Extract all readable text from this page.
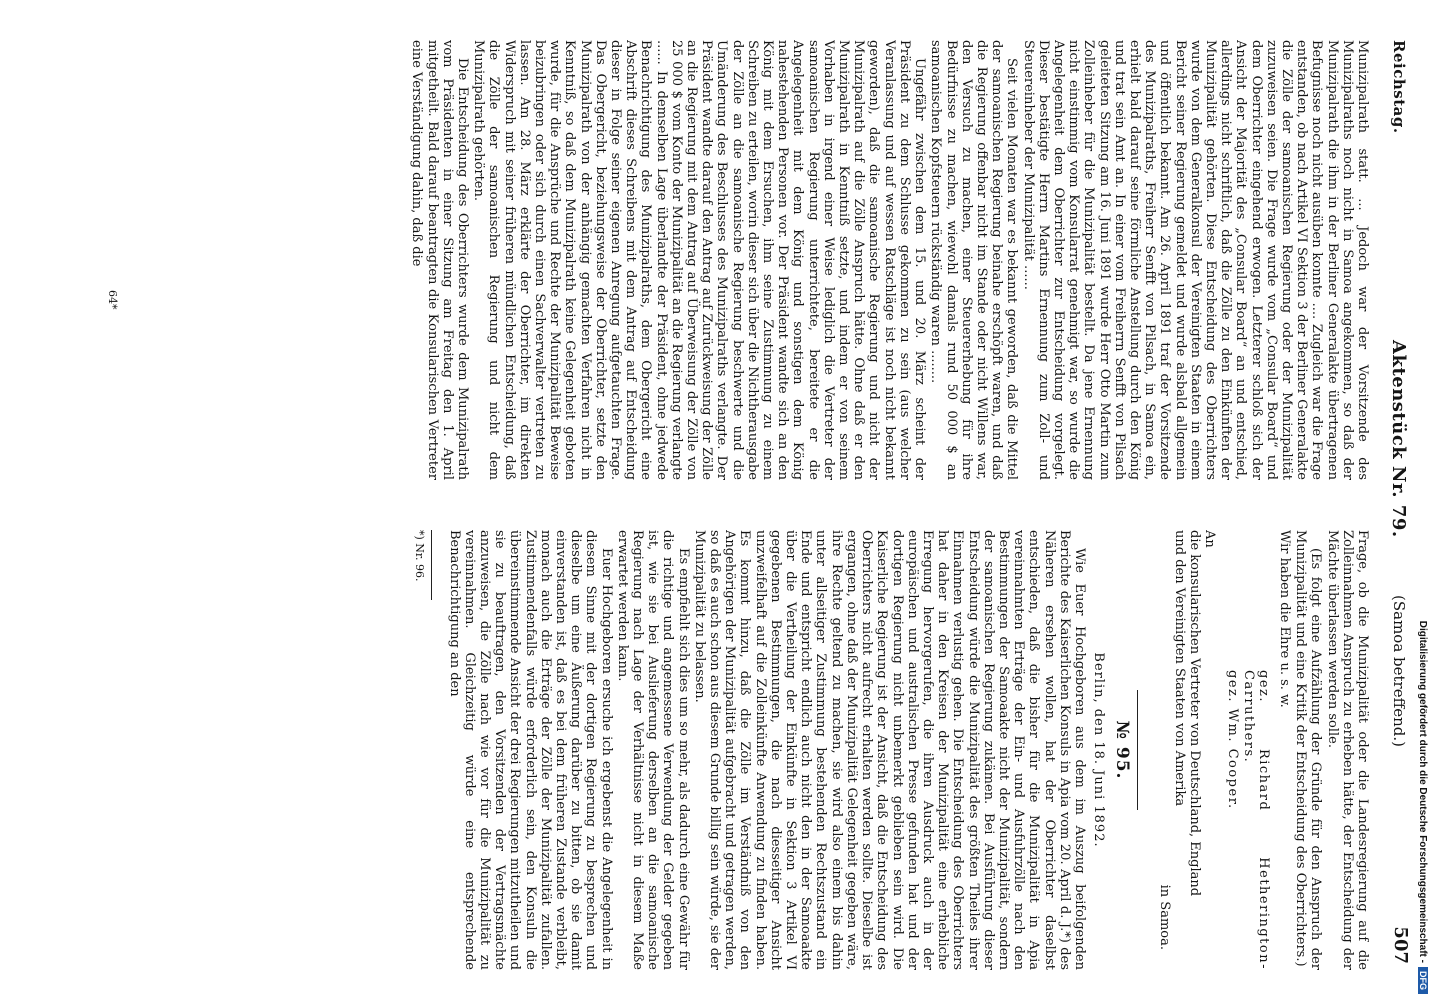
Reichstag.
Aktenstück Nr. 79.
(Samoa betreffend.)
507

Munizipalrath statt. ... Jedoch war der Vorsitzende des Munizipalraths noch nicht in Samoa angekommen, so daß der Munizipalrath die ihm in der Berliner Generalakte übertragenen Befugnisse noch nicht ausüben konnte .... Zugleich war die Frage entstanden, ob nach Artikel VI Sektion 3 der Berliner Generalakte die Zölle der samoanischen Regierung oder der Munizipalität zuzuweisen seien. Die Frage wurde vom „Consular Board“ und dem Oberrichter eingehend erwogen. Letzterer schloß sich der Ansicht der Majorität des „Consular Board“ an und entschied, allerdings nicht schriftlich, daß die Zölle zu den Einkünften der Munizipalität gehörten. Diese Entscheidung des Oberrichters wurde von dem Generalkonsul der Vereinigten Staaten in einem Bericht seiner Regierung gemeldet und wurde alsbald allgemein und öffentlich bekannt. Am 26. April 1891 traf der Vorsitzende des Munizipalraths, Freiherr Senfft von Pilsach, in Samoa ein, erhielt bald darauf seine förmliche Anstellung durch den König und trat sein Amt an. In einer vom Freiherrn Senfft von Pilsach geleiteten Sitzung am 16. Juni 1891 wurde Herr Otto Martin zum Zolleinheber für die Munizipalität bestellt. Da jene Ernennung nicht einstimmig vom Konsularrat genehmigt war, so wurde die Angelegenheit dem Oberrichter zur Entscheidung vorgelegt. Dieser bestätigte Herrn Martins Ernennung zum Zoll- und Steuereinheber der Munizipalität ......

Seit vielen Monaten war es bekannt geworden, daß die Mittel der samoanischen Regierung beinahe erschöpft waren, und daß die Regierung offenbar nicht im Stande oder nicht Willens war, den Versuch zu machen, einer Steuererhebung für ihre Bedürfnisse zu machen, wiewohl damals rund 50 000 $ an samoanischen Kopfsteuern rückständig waren ........

Ungefähr zwischen dem 15. und 20. März scheint der Präsident zu dem Schlusse gekommen zu sein (aus welcher Veranlassung und auf wessen Ratschläge ist noch nicht bekannt geworden), daß die samoanische Regierung und nicht der Munizipalrath auf die Zölle Anspruch hätte. Ohne daß er den Munizipalrath in Kenntniß setzte, und indem er von seinem Vorhaben in irgend einer Weise lediglich die Vertreter der samoanischen Regierung unterrichtete, bereitete er die Angelegenheit mit dem König und sonstigen dem König nahestehenden Personen vor. Der Präsident wandte sich an den König mit dem Ersuchen, ihm seine Zustimmung zu einem Schreiben zu erteilen, worin dieser sich über die Nichtherausgabe der Zölle an die samoanische Regierung beschwerte und die Umänderung des Beschlusses des Munizipalraths verlangte. Der Präsident wandte darauf den Antrag auf Zurückweisung der Zölle an die Regierung mit dem Antrag auf Überweisung der Zölle von 25 000 $ vom Konto der Munizipalität an die Regierung verlangte ...... In demselben Lage überlandte der Präsident, ohne jedwede Benachrichtigung des Munizipalraths, dem Obergericht eine Abschrift dieses Schreibens mit dem Antrag auf Entscheidung dieser in Folge seiner eigenen Anregung aufgetauchten Frage. Das Obergericht, beziehungsweise der Oberrichter, setzte den Munizipalrath von der anhängig gemachten Verfahren nicht in Kenntniß, so daß dem Munizipalrath keine Gelegenheit geboten wurde, für die Ansprüche und Rechte der Munizipalität Beweise beizubringen oder sich durch einen Sachverwalter vertreten zu lassen. Am 28. März erklärte der Oberrichter, im direkten Widerspruch mit seiner früheren mündlichen Entscheidung, daß die Zölle der samoanischen Regierung und nicht dem Munizipalrath gehörten.

Die Entscheidung des Oberrichters wurde dem Munizipalrath vom Präsidenten in einer Sitzung am Freitag den 1. April mitgetheilt. Bald darauf beantragten die Konsularischen Vertreter eine Verständigung dahin, daß die

Frage, ob die Munizipalität oder die Landesregierung auf die Zolleinnahmen Anspruch zu erheben hätte, der Entscheidung der Mächte überlassen werden solle.

(Es folgt eine Aufzählung der Gründe für den Anspruch der Munizipalität und eine Kritik der Entscheidung des Oberrichters.)

Wir haben die Ehre u. s. w.

gez. Richard Hetherington-Carruthers.
gez. Wm. Cooper.
An
die konsularischen Vertreter von Deutschland, England
und den Vereinigten Staaten von Amerika
in Samoa.
№ 95.
Berlin, den 18. Juni 1892.

Wie Euer Hochgeboren aus dem im Auszug beifolgenden Berichte des Kaiserlichen Konsuls in Apia vom 20. April d. J.*) des Näheren ersehen wollen, hat der Oberrichter daselbst entschieden, daß die bisher für die Munizipalität in Apia vereinnahmten Erträge der Ein- und Ausfuhrzölle nach den Bestimmungen der Samoaakte nicht der Munizipalität, sondern der samoanischen Regierung zukämen. Bei Ausführung dieser Entscheidung würde die Munizipalität des größten Theiles ihrer Einnahmen verlustig gehen. Die Entscheidung des Oberrichters hat daher in den Kreisen der Munizipalität eine erhebliche Erregung hervorgerufen, die ihren Ausdruck auch in der europäischen und australischen Presse gefunden hat und der dortigen Regierung nicht unbemerkt geblieben sein wird. Die Kaiserliche Regierung ist der Ansicht, daß die Entscheidung des Oberrichters nicht aufrecht erhalten werden sollte. Dieselbe ist ergangen, ohne daß der Munizipalität Gelegenheit gegeben wäre, ihre Rechte geltend zu machen, sie wird also einem bis dahin unter allseitiger Zustimmung bestehenden Rechtszustand ein Ende und entspricht endlich auch nicht den in der Samoaakte über die Vertheilung der Einkünfte in Sektion 3 Artikel VI gegebenen Bestimmungen, die nach diesseitiger Ansicht unzweifelhaft auf die Zolleinkünfte Anwendung zu finden haben. Es kommt hinzu, daß die Zölle im Verständniß von den Angehörigen der Munizipalität aufgebracht und getragen werden, so daß es auch schon aus diesem Grunde billig sein würde, sie der Munizipalität zu belassen.

Es empfiehlt sich dies um so mehr, als dadurch eine Gewähr für die richtige und angemessene Verwendung der Gelder gegeben ist, wie sie bei Auslieferung derselben an die samoanische Regierung nach Lage der Verhältnisse nicht in diesem Maße erwartet werden kann.

Euer Hochgeboren ersuche ich ergebenst die Angelegenheit in diesem Sinne mit der dortigen Regierung zu besprechen und dieselbe um eine Äußerung darüber zu bitten, ob sie damit einverstanden ist, daß es bei dem früheren Zustande verbleibt, monach auch die Erträge der Zölle der Munizipalität zufallen. Zustimmendenfalls würde erforderlich sein, den Konsuln die übereinstimmende Ansicht der drei Regierungen mitzutheilen und sie zu beauftragen, den Vorsitzenden der Vertragsmächte anzuweisen, die Zölle nach wie vor für die Munizipalität zu vereinnahmen. Gleichzeitig würde eine entsprechende Benachrichtigung an den

*) Nr. 96.
64*
Digitalisierung gefördert durch die Deutsche Forschungsgemeinschaft -DFG
